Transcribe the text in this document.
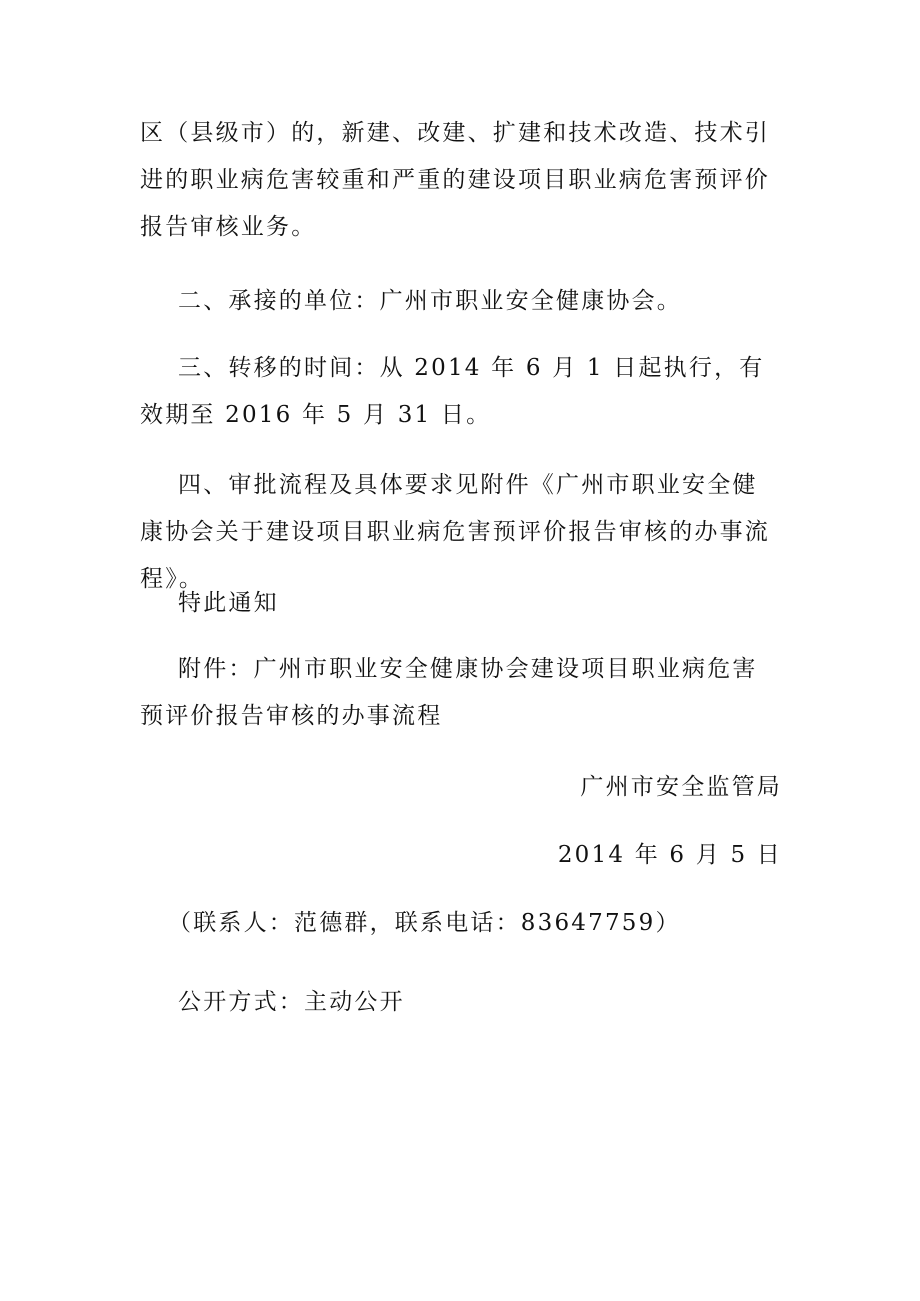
区（县级市）的，新建、改建、扩建和技术改造、技术引进的职业病危害较重和严重的建设项目职业病危害预评价报告审核业务。

二、承接的单位：广州市职业安全健康协会。

三、转移的时间：从 2014 年 6 月 1 日起执行，有效期至 2016 年 5 月 31 日。

四、审批流程及具体要求见附件《广州市职业安全健康协会关于建设项目职业病危害预评价报告审核的办事流程》。

特此通知

附件：广州市职业安全健康协会建设项目职业病危害预评价报告审核的办事流程

广州市安全监管局

2014 年 6 月 5 日

（联系人：范德群，联系电话：83647759）

公开方式：主动公开
